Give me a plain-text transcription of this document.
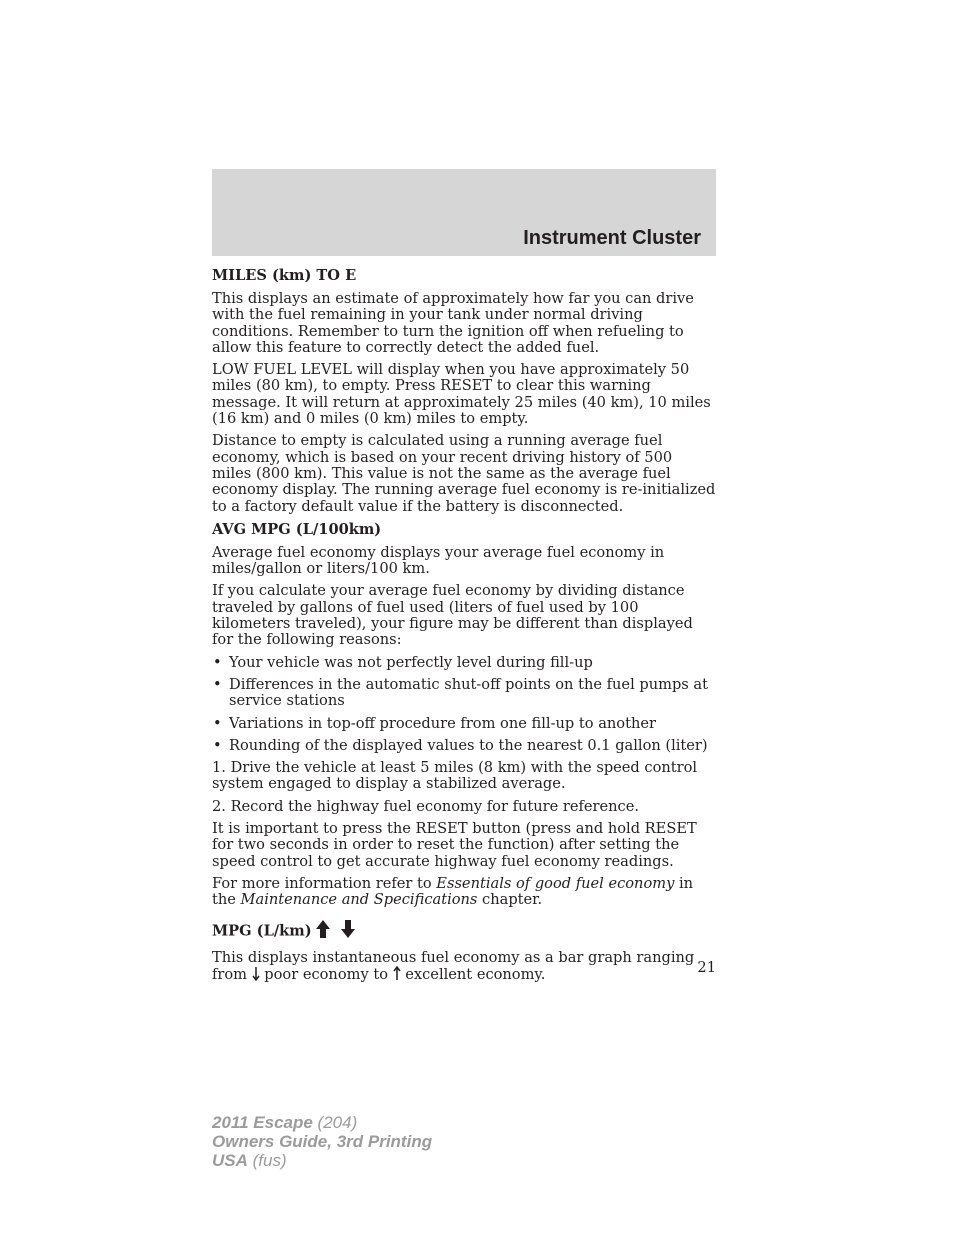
Instrument Cluster
MILES (km) TO E

This displays an estimate of approximately how far you can drive with the fuel remaining in your tank under normal driving conditions. Remember to turn the ignition off when refueling to allow this feature to correctly detect the added fuel.

LOW FUEL LEVEL will display when you have approximately 50 miles (80 km), to empty. Press RESET to clear this warning message. It will return at approximately 25 miles (40 km), 10 miles (16 km) and 0 miles (0 km) miles to empty.

Distance to empty is calculated using a running average fuel economy, which is based on your recent driving history of 500 miles (800 km). This value is not the same as the average fuel economy display. The running average fuel economy is re-initialized to a factory default value if the battery is disconnected.

AVG MPG (L/100km)

Average fuel economy displays your average fuel economy in miles/gallon or liters/100 km.

If you calculate your average fuel economy by dividing distance traveled by gallons of fuel used (liters of fuel used by 100 kilometers traveled), your figure may be different than displayed for the following reasons:

• Your vehicle was not perfectly level during fill-up
• Differences in the automatic shut-off points on the fuel pumps at service stations
• Variations in top-off procedure from one fill-up to another
• Rounding of the displayed values to the nearest 0.1 gallon (liter)

1. Drive the vehicle at least 5 miles (8 km) with the speed control system engaged to display a stabilized average.

2. Record the highway fuel economy for future reference.

It is important to press the RESET button (press and hold RESET for two seconds in order to reset the function) after setting the speed control to get accurate highway fuel economy readings.

For more information refer to Essentials of good fuel economy in the Maintenance and Specifications chapter.

MPG (L/km)

This displays instantaneous fuel economy as a bar graph ranging from  poor economy to  excellent economy.	21
2011 Escape (204)
Owners Guide, 3rd Printing
USA (fus)
